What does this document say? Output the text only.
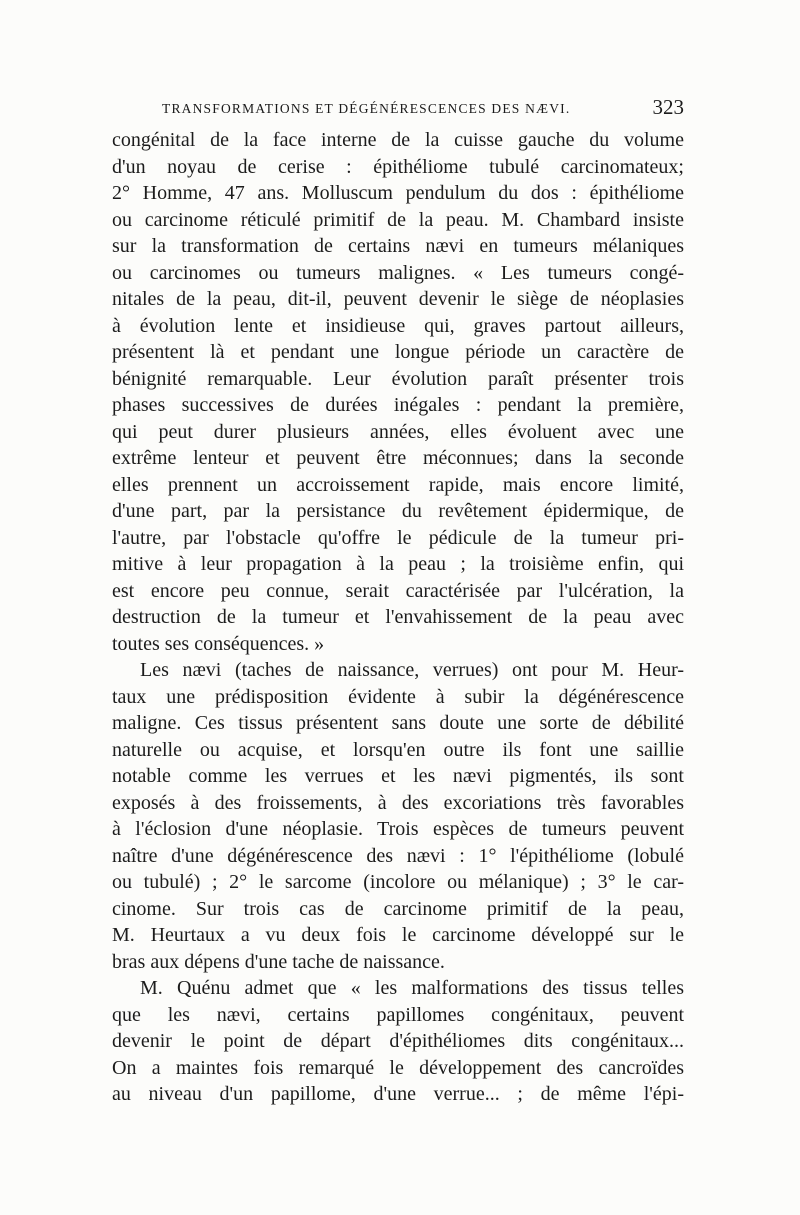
TRANSFORMATIONS ET DÉGÉNÉRESCENCES DES NÆVI.	323
congénital de la face interne de la cuisse gauche du volume
d'un noyau de cerise : épithéliome tubulé carcinomateux;
2° Homme, 47 ans. Molluscum pendulum du dos : épithéliome
ou carcinome réticulé primitif de la peau. M. Chambard insiste
sur la transformation de certains nævi en tumeurs mélaniques
ou carcinomes ou tumeurs malignes. « Les tumeurs congé-
nitales de la peau, dit-il, peuvent devenir le siège de néoplasies
à évolution lente et insidieuse qui, graves partout ailleurs,
présentent là et pendant une longue période un caractère de
bénignité remarquable. Leur évolution paraît présenter trois
phases successives de durées inégales : pendant la première,
qui peut durer plusieurs années, elles évoluent avec une
extrême lenteur et peuvent être méconnues; dans la seconde
elles prennent un accroissement rapide, mais encore limité,
d'une part, par la persistance du revêtement épidermique, de
l'autre, par l'obstacle qu'offre le pédicule de la tumeur pri-
mitive à leur propagation à la peau ; la troisième enfin, qui
est encore peu connue, serait caractérisée par l'ulcération, la
destruction de la tumeur et l'envahissement de la peau avec
toutes ses conséquences. »
Les nævi (taches de naissance, verrues) ont pour M. Heur-
taux une prédisposition évidente à subir la dégénérescence
maligne. Ces tissus présentent sans doute une sorte de débilité
naturelle ou acquise, et lorsqu'en outre ils font une saillie
notable comme les verrues et les nævi pigmentés, ils sont
exposés à des froissements, à des excoriations très favorables
à l'éclosion d'une néoplasie. Trois espèces de tumeurs peuvent
naître d'une dégénérescence des nævi : 1° l'épithéliome (lobulé
ou tubulé) ; 2° le sarcome (incolore ou mélanique) ; 3° le car-
cinome. Sur trois cas de carcinome primitif de la peau,
M. Heurtaux a vu deux fois le carcinome développé sur le
bras aux dépens d'une tache de naissance.
M. Quénu admet que « les malformations des tissus telles
que les nævi, certains papillomes congénitaux, peuvent
devenir le point de départ d'épithéliomes dits congénitaux...
On a maintes fois remarqué le développement des cancroïdes
au niveau d'un papillome, d'une verrue... ; de même l'épi-
